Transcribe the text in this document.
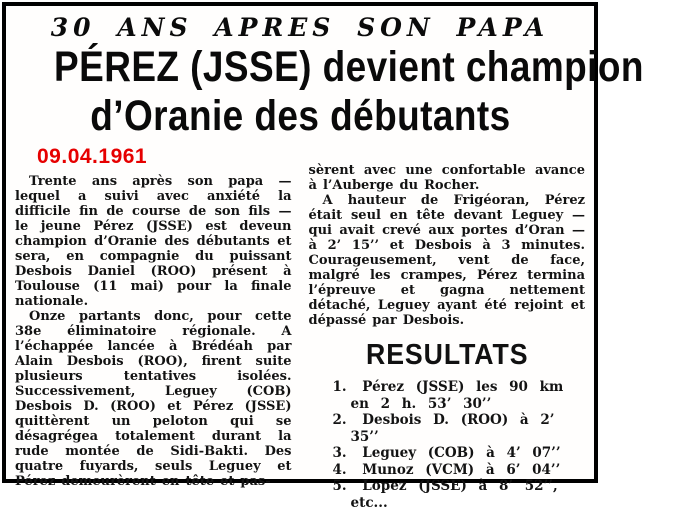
30 ANS APRES SON PAPA
PÉREZ (JSSE) devient champion
d’Oranie des débutants
09.04.1961

Trente ans après son papa — lequel a suivi avec anxiété la difficile fin de course de son fils — le jeune Pérez (JSSE) est deveun champion d’Oranie des débutants et sera, en compagnie du puissant Desbois Daniel (ROO) présent à Toulouse (11 mai) pour la finale nationale.

Onze partants donc, pour cette 38e éliminatoire régionale. A l’échappée lancée à Brédéah par Alain Desbois (ROO), firent suite plusieurs tentatives isolées. Successivement, Leguey (COB) Desbois D. (ROO) et Pérez (JSSE) quittèrent un peloton qui se désagrégea totalement durant la rude montée de Sidi-Bakti. Des quatre fuyards, seuls Leguey et Pérez demeurèrent en tête et pas-

sèrent avec une confortable avance à l’Auberge du Rocher.

A hauteur de Frigéoran, Pérez était seul en tête devant Leguey — qui avait crevé aux portes d’Oran — à 2’ 15’’ et Desbois à 3 minutes. Courageusement, vent de face, malgré les crampes, Pérez termina l’épreuve et gagna nettement détaché, Leguey ayant été rejoint et dépassé par Desbois.

RESULTATS
1. Pérez (JSSE) les 90 km en 2 h. 53’ 30’’
2. Desbois D. (ROO) à 2’ 35’’
3. Leguey (COB) à 4’ 07’’
4. Munoz (VCM) à 6’ 04’’
5. Lopez (JSSE) à 8’ 52’’, etc...
